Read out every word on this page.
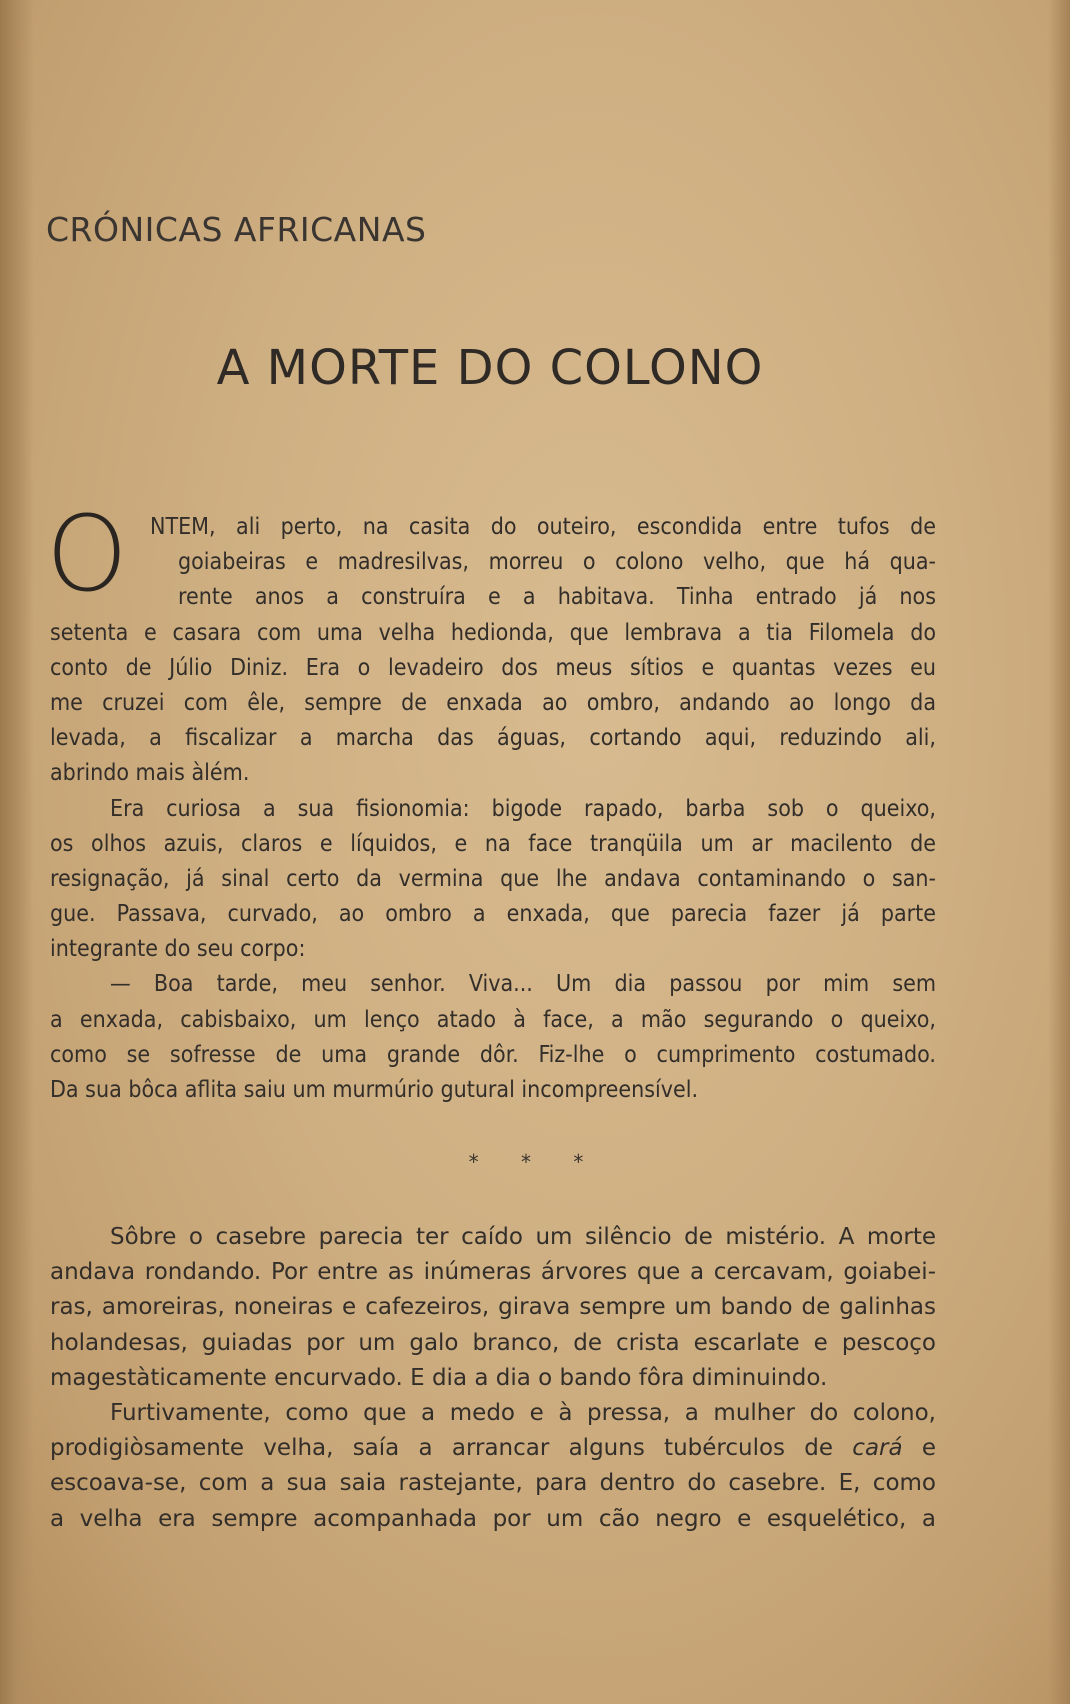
CRÓNICAS AFRICANAS
A MORTE DO COLONO
O NTEM, ali perto, na casita do outeiro, escondida entre tufos de
goiabeiras e madresilvas, morreu o colono velho, que há qua-
rente anos a construíra e a habitava. Tinha entrado já nos
setenta e casara com uma velha hedionda, que lembrava a tia Filomela do
conto de Júlio Diniz. Era o levadeiro dos meus sítios e quantas vezes eu
me cruzei com êle, sempre de enxada ao ombro, andando ao longo da
levada, a fiscalizar a marcha das águas, cortando aqui, reduzindo ali,
abrindo mais àlém.
Era curiosa a sua fisionomia: bigode rapado, barba sob o queixo,
os olhos azuis, claros e líquidos, e na face tranqüila um ar macilento de
resignação, já sinal certo da vermina que lhe andava contaminando o san-
gue. Passava, curvado, ao ombro a enxada, que parecia fazer já parte
integrante do seu corpo:
— Boa tarde, meu senhor. Viva... Um dia passou por mim sem
a enxada, cabisbaixo, um lenço atado à face, a mão segurando o queixo,
como se sofresse de uma grande dôr. Fiz-lhe o cumprimento costumado.
Da sua bôca aflita saiu um murmúrio gutural incompreensível.
* * *
Sôbre o casebre parecia ter caído um silêncio de mistério. A morte
andava rondando. Por entre as inúmeras árvores que a cercavam, goiabei-
ras, amoreiras, noneiras e cafezeiros, girava sempre um bando de galinhas
holandesas, guiadas por um galo branco, de crista escarlate e pescoço
magestàticamente encurvado. E dia a dia o bando fôra diminuindo.
Furtivamente, como que a medo e à pressa, a mulher do colono,
prodigiòsamente velha, saía a arrancar alguns tubérculos de cará e
escoava-se, com a sua saia rastejante, para dentro do casebre. E, como
a velha era sempre acompanhada por um cão negro e esquelético, a
